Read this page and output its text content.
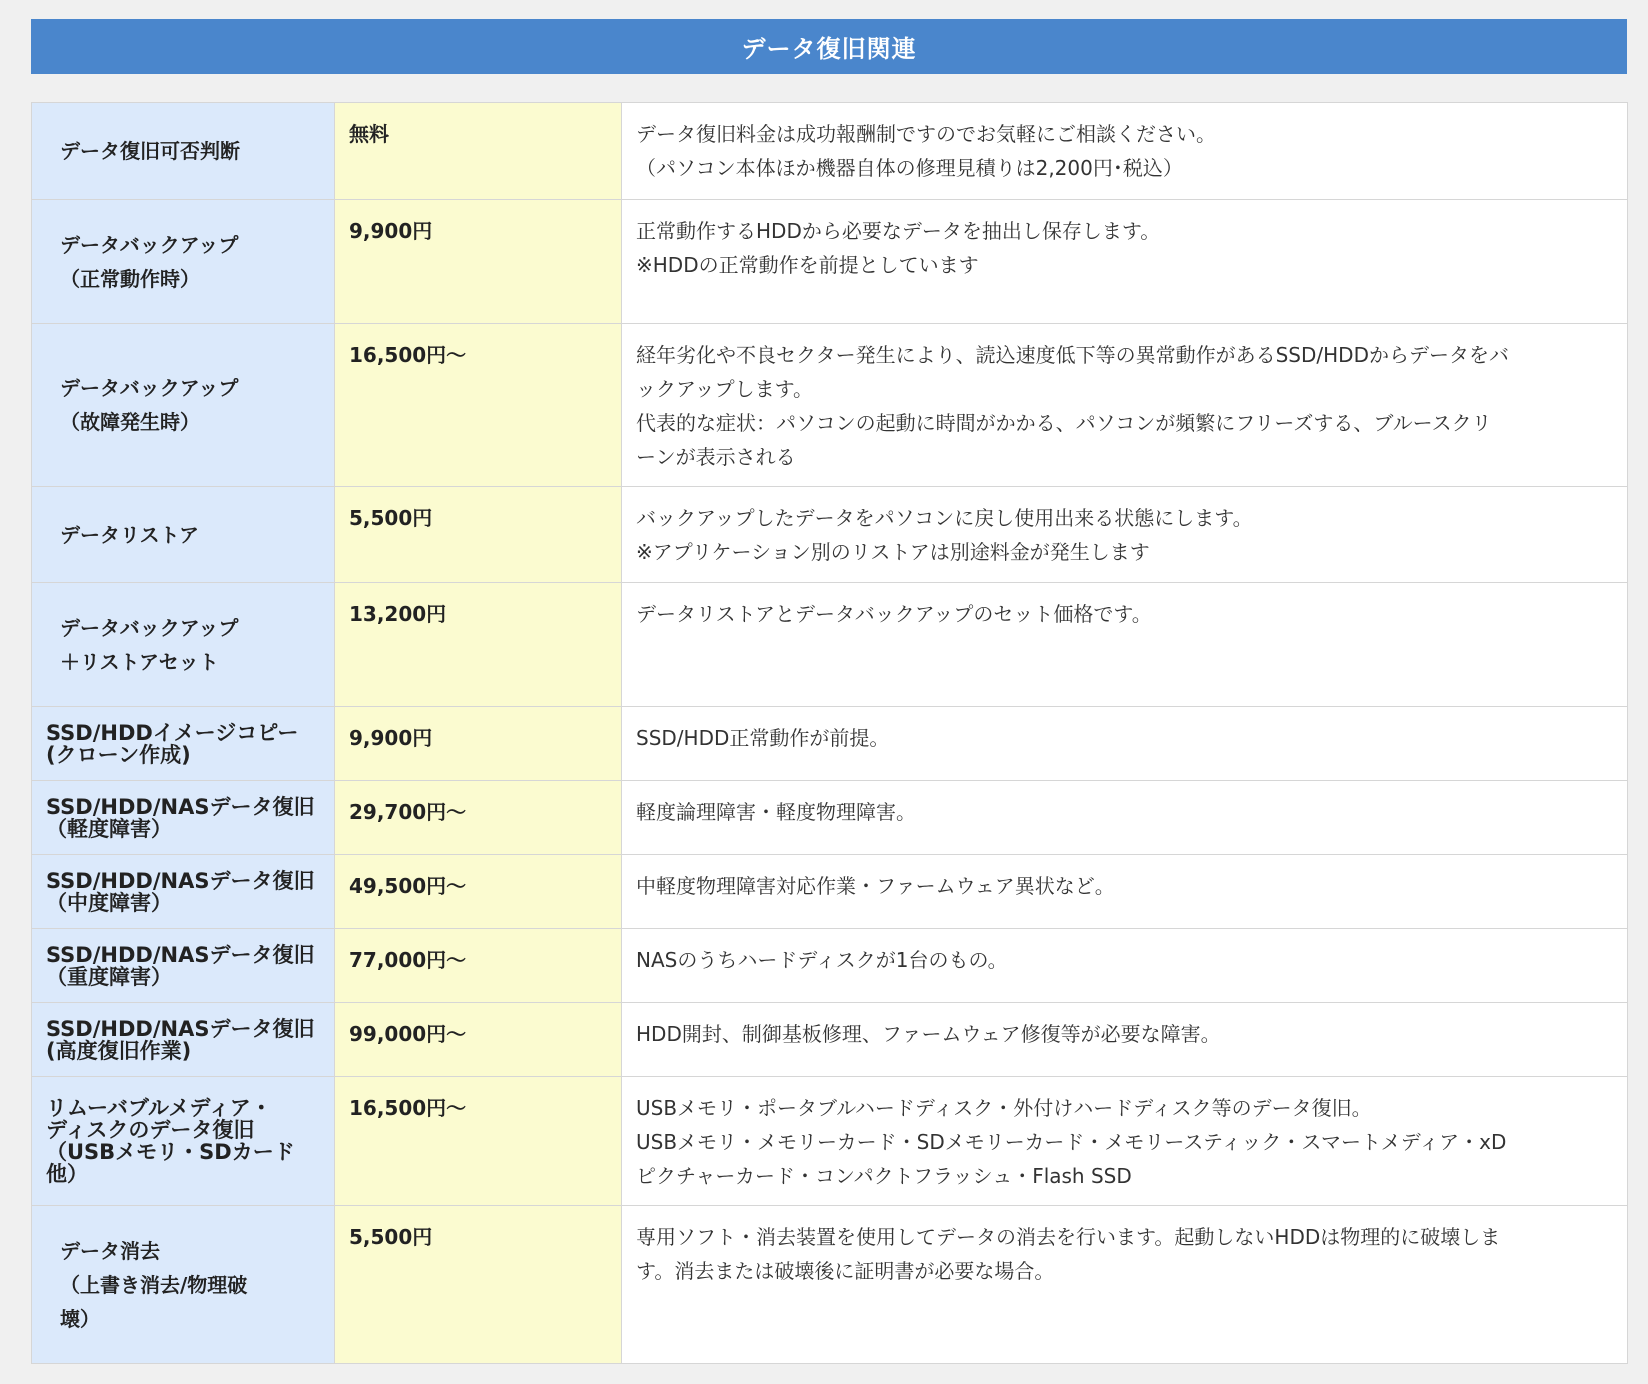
データ復旧関連
データ復旧可否判断	無料	データ復旧料金は成功報酬制ですのでお気軽にご相談ください。
（パソコン本体ほか機器自体の修理見積りは2,200円･税込）

データバックアップ
（正常動作時）	9,900円	正常動作するHDDから必要なデータを抽出し保存します。
※HDDの正常動作を前提としています

データバックアップ
（故障発生時）	16,500円〜	経年劣化や不良セクター発生により、読込速度低下等の異常動作があるSSD/HDDからデータをバ
ックアップします。
代表的な症状：パソコンの起動に時間がかかる、パソコンが頻繁にフリーズする、ブルースクリ
ーンが表示される

データリストア	5,500円	バックアップしたデータをパソコンに戻し使用出来る状態にします。
※アプリケーション別のリストアは別途料金が発生します

データバックアップ
＋リストアセット	13,200円	データリストアとデータバックアップのセット価格です。

SSD/HDDイメージコピー
(クローン作成)	9,900円	SSD/HDD正常動作が前提。

SSD/HDD/NASデータ復旧
（軽度障害）	29,700円〜	軽度論理障害・軽度物理障害。

SSD/HDD/NASデータ復旧
（中度障害）	49,500円〜	中軽度物理障害対応作業・ファームウェア異状など。

SSD/HDD/NASデータ復旧
（重度障害）	77,000円〜	NASのうちハードディスクが1台のもの。

SSD/HDD/NASデータ復旧
(高度復旧作業)	99,000円〜	HDD開封、制御基板修理、ファームウェア修復等が必要な障害。

リムーバブルメディア・
ディスクのデータ復旧
（USBメモリ・SDカード
他）	16,500円〜	USBメモリ・ポータブルハードディスク・外付けハードディスク等のデータ復旧。
USBメモリ・メモリーカード・SDメモリーカード・メモリースティック・スマートメディア・xD
ピクチャーカード・コンパクトフラッシュ・Flash SSD

データ消去
（上書き消去/物理破
壊）	5,500円	専用ソフト・消去装置を使用してデータの消去を行います。起動しないHDDは物理的に破壊しま
す。消去または破壊後に証明書が必要な場合。
